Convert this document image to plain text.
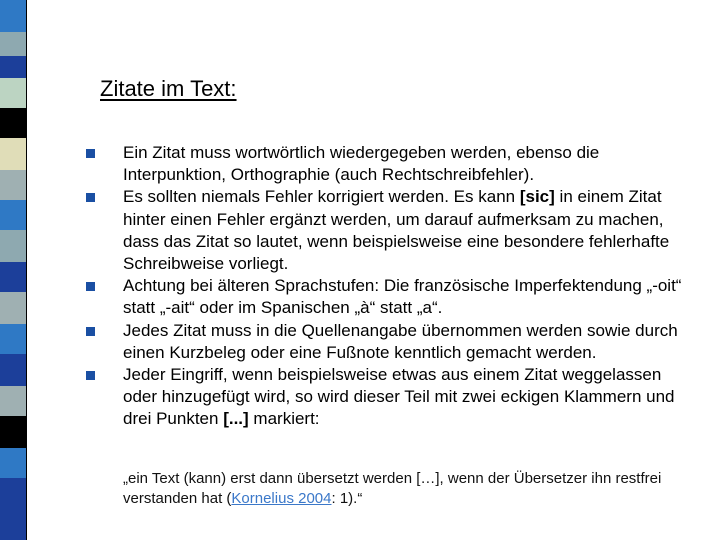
Zitate im Text:
Ein Zitat muss wortwörtlich wiedergegeben werden, ebenso die Interpunktion, Orthographie (auch Rechtschreibfehler).
Es sollten niemals Fehler korrigiert werden. Es kann [sic] in einem Zitat hinter einen Fehler ergänzt werden, um darauf aufmerksam zu machen, dass das Zitat so lautet, wenn beispielsweise eine besondere fehlerhafte Schreibweise vorliegt.
Achtung bei älteren Sprachstufen: Die französische Imperfektendung „-oit“ statt „-ait“ oder im Spanischen „à“ statt „a“.
Jedes Zitat muss in die Quellenangabe übernommen werden sowie durch einen Kurzbeleg oder eine Fußnote kenntlich gemacht werden.
Jeder Eingriff, wenn beispielsweise etwas aus einem Zitat weggelassen oder hinzugefügt wird, so wird dieser Teil mit zwei eckigen Klammern und drei Punkten [...] markiert:

„ein Text (kann) erst dann übersetzt werden […], wenn der Übersetzer ihn restfrei verstanden hat (Kornelius 2004: 1).“
